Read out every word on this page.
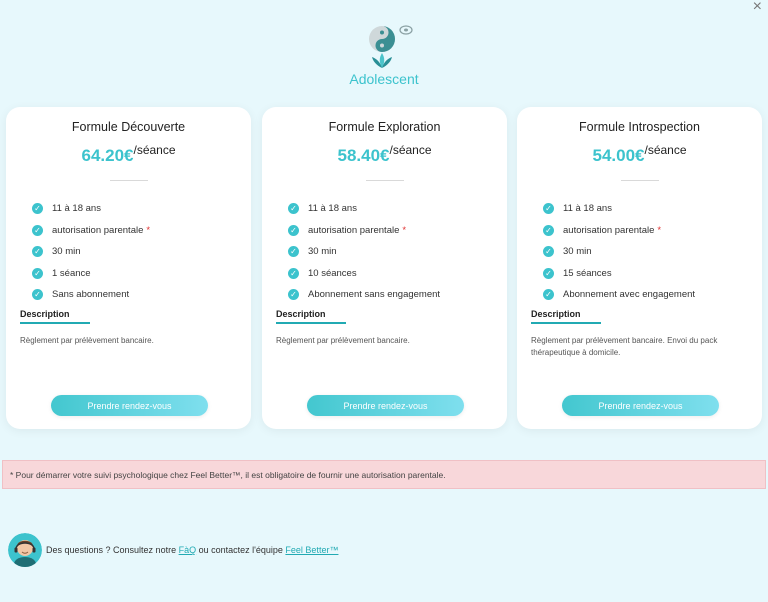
×
Adolescent
Formule Découverte
64.20€$^{/séance}$
✓ 11 à 18 ans
✓ autorisation parentale *
✓ 30 min
✓ 1 séance
✓ Sans abonnement
Description
Règlement par prélèvement bancaire.
Prendre rendez-vous
Formule Exploration
58.40€$^{/séance}$
✓ 11 à 18 ans
✓ autorisation parentale *
✓ 30 min
✓ 10 séances
✓ Abonnement sans engagement
Description
Règlement par prélèvement bancaire.
Prendre rendez-vous
Formule Introspection
54.00€$^{/séance}$
✓ 11 à 18 ans
✓ autorisation parentale *
✓ 30 min
✓ 15 séances
✓ Abonnement avec engagement
Description
Règlement par prélèvement bancaire. Envoi du pack thérapeutique à domicile.
Prendre rendez-vous
* Pour démarrer votre suivi psychologique chez Feel Better™, il est obligatoire de fournir une autorisation parentale.
Des questions ? Consultez notre
FàQ
ou contactez l'équipe
Feel Better™
